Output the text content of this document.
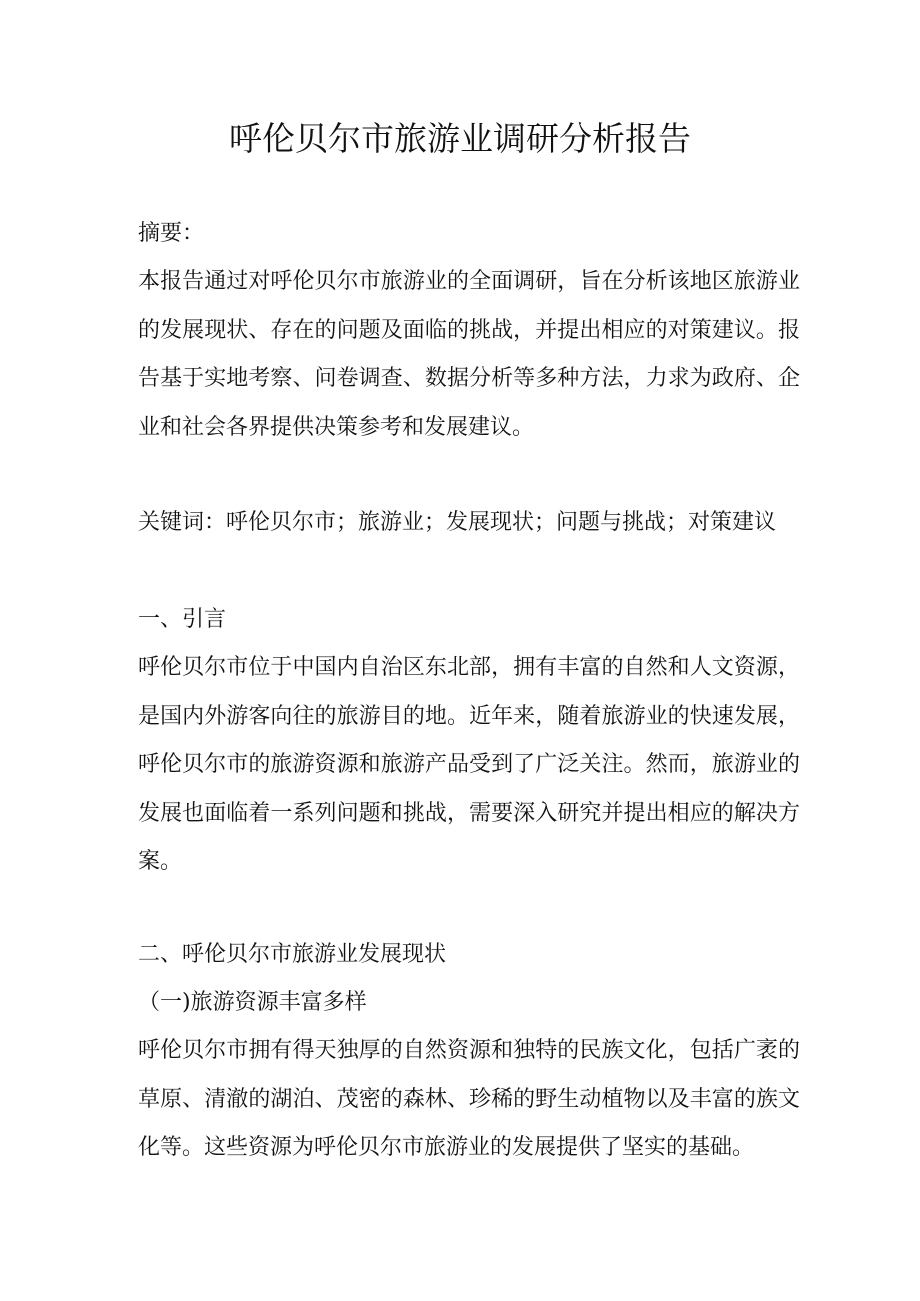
呼伦贝尔市旅游业调研分析报告

摘要：

本报告通过对呼伦贝尔市旅游业的全面调研，旨在分析该地区旅游业的发展现状、存在的问题及面临的挑战，并提出相应的对策建议。报告基于实地考察、问卷调查、数据分析等多种方法，力求为政府、企业和社会各界提供决策参考和发展建议。

关键词：呼伦贝尔市；旅游业；发展现状；问题与挑战；对策建议

一、引言

呼伦贝尔市位于中国内自治区东北部，拥有丰富的自然和人文资源，是国内外游客向往的旅游目的地。近年来，随着旅游业的快速发展，呼伦贝尔市的旅游资源和旅游产品受到了广泛关注。然而，旅游业的发展也面临着一系列问题和挑战，需要深入研究并提出相应的解决方案。

二、呼伦贝尔市旅游业发展现状

（一)旅游资源丰富多样

呼伦贝尔市拥有得天独厚的自然资源和独特的民族文化，包括广袤的草原、清澈的湖泊、茂密的森林、珍稀的野生动植物以及丰富的族文化等。这些资源为呼伦贝尔市旅游业的发展提供了坚实的基础。
